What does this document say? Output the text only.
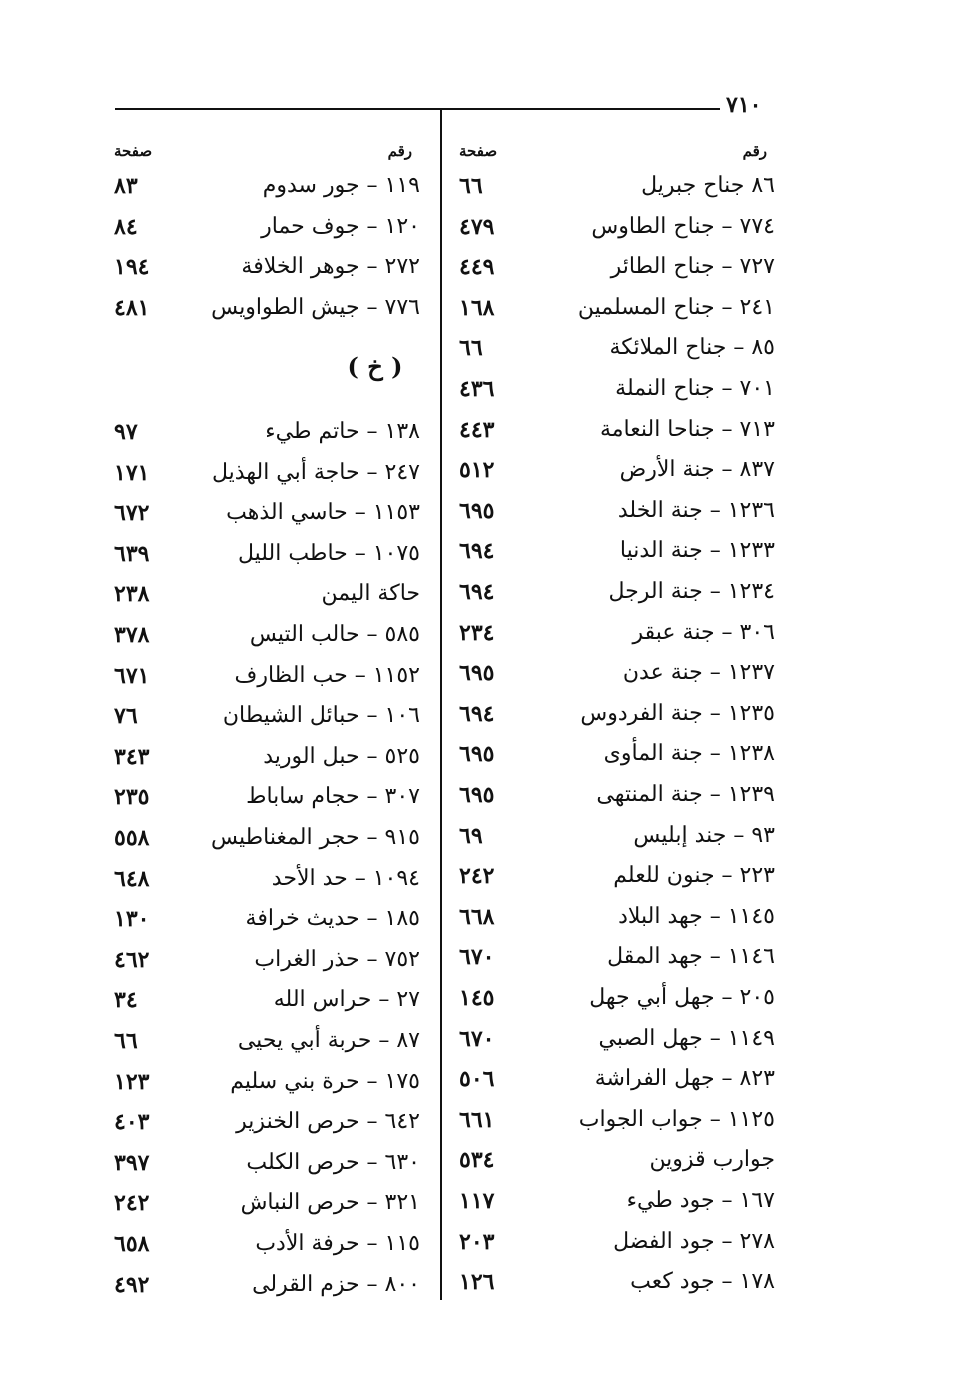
٧١٠
رقم
صفحة
٨٦ جناح جبريل
٦٦
٧٧٤ – جناح الطاوس
٤٧٩
٧٢٧ – جناح الطائر
٤٤٩
٢٤١ – جناح المسلمين
١٦٨
٨٥ – جناح الملائكة
٦٦
٧٠١ – جناح النملة
٤٣٦
٧١٣ – جناحا النعامة
٤٤٣
٨٣٧ – جنة الأرض
٥١٢
١٢٣٦ – جنة الخلد
٦٩٥
١٢٣٣ – جنة الدنيا
٦٩٤
١٢٣٤ – جنة الرجل
٦٩٤
٣٠٦ – جنة عبقر
٢٣٤
١٢٣٧ – جنة عدن
٦٩٥
١٢٣٥ – جنة الفردوس
٦٩٤
١٢٣٨ – جنة المأوى
٦٩٥
١٢٣٩ – جنة المنتهى
٦٩٥
٩٣ – جند إبليس
٦٩
٢٢٣ – جنون للعلم
٢٤٢
١١٤٥ – جهد البلاد
٦٦٨
١١٤٦ – جهد المقل
٦٧٠
٢٠٥ – جهل أبي جهل
١٤٥
١١٤٩ – جهل الصبي
٦٧٠
٨٢٣ – جهل الفراشة
٥٠٦
١١٢٥ – جواب الجواب
٦٦١
جوارب قزوين
٥٣٤
١٦٧ – جود طيء
١١٧
٢٧٨ – جود الفضل
٢٠٣
١٧٨ – جود كعب
١٢٦
رقم
صفحة
١١٩ – جور سدوم
٨٣
١٢٠ – جوف حمار
٨٤
٢٧٢ – جوهر الخلافة
١٩٤
٧٧٦ – جيش الطواويس
٤٨١
( خ )
١٣٨ – حاتم طيء
٩٧
٢٤٧ – حاجة أبي الهذيل
١٧١
١١٥٣ – حاسي الذهب
٦٧٢
١٠٧٥ – حاطب الليل
٦٣٩
حاكة اليمن
٢٣٨
٥٨٥ – حالب التيس
٣٧٨
١١٥٢ – حب الظارف
٦٧١
١٠٦ – حبائل الشيطان
٧٦
٥٢٥ – حبل الوريد
٣٤٣
٣٠٧ – حجام ساباط
٢٣٥
٩١٥ – حجر المغناطيس
٥٥٨
١٠٩٤ – حد الأحد
٦٤٨
١٨٥ – حديث خرافة
١٣٠
٧٥٢ – حذر الغراب
٤٦٢
٢٧ – حراس الله
٣٤
٨٧ – حربة أبي يحيى
٦٦
١٧٥ – حرة بني سليم
١٢٣
٦٤٢ – حرص الخنزير
٤٠٣
٦٣٠ – حرص الكلب
٣٩٧
٣٢١ – حرص النباش
٢٤٢
١١٥ – حرفة الأدب
٦٥٨
٨٠٠ – حزم القرلى
٤٩٢
